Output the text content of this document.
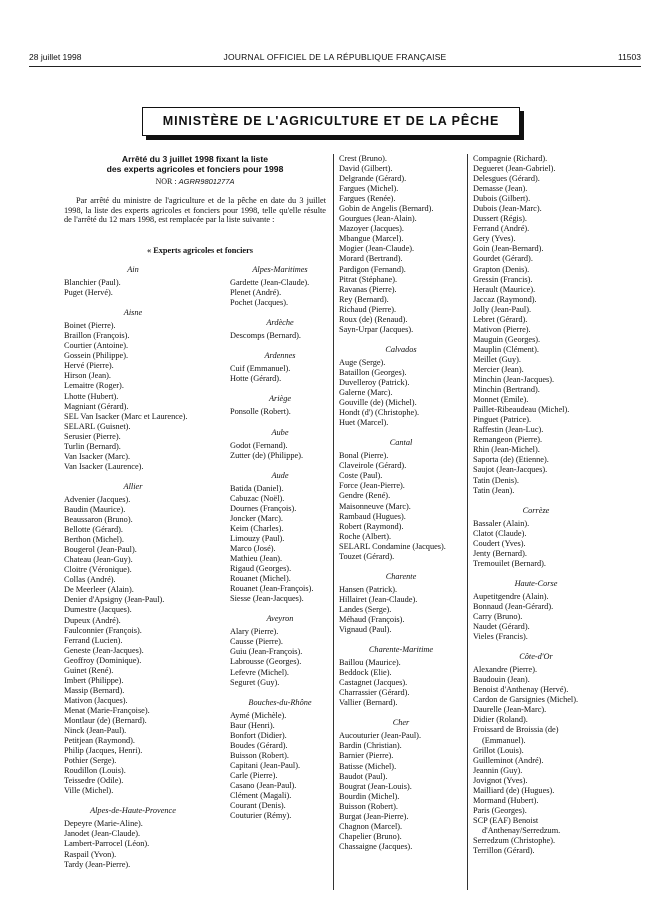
28 juillet 1998	JOURNAL OFFICIEL DE LA RÉPUBLIQUE FRANÇAISE	11503
MINISTÈRE DE L'AGRICULTURE ET DE LA PÊCHE
Arrêté du 3 juillet 1998 fixant la liste
des experts agricoles et fonciers pour 1998
NOR : AGRR9801277A
Par arrêté du ministre de l'agriculture et de la pêche en date du 3 juillet 1998, la liste des experts agricoles et fonciers pour 1998, telle qu'elle résulte de l'arrêté du 12 mars 1998, est remplacée par la liste suivante :
« Experts agricoles et fonciers
Ain
Blanchier (Paul).
Puget (Hervé).
Aisne
Boinet (Pierre).
Braillon (François).
Courtier (Antoine).
Gossein (Philippe).
Hervé (Pierre).
Hirson (Jean).
Lemaitre (Roger).
Lhotte (Hubert).
Magniant (Gérard).
SEL Van Isacker (Marc et Laurence).
SELARL (Guisnet).
Serusier (Pierre).
Turlin (Bernard).
Van Isacker (Marc).
Van Isacker (Laurence).
Allier
Advenier (Jacques).
Baudin (Maurice).
Beaussaron (Bruno).
Bellotte (Gérard).
Berthon (Michel).
Bougerol (Jean-Paul).
Chateau (Jean-Guy).
Cloitre (Véronique).
Collas (André).
De Meerleer (Alain).
Denier d'Apsigny (Jean-Paul).
Dumestre (Jacques).
Dupeux (André).
Faulconnier (François).
Ferrand (Lucien).
Geneste (Jean-Jacques).
Geoffroy (Dominique).
Guinet (René).
Imbert (Philippe).
Massip (Bernard).
Mativon (Jacques).
Menat (Marie-Françoise).
Montlaur (de) (Bernard).
Ninck (Jean-Paul).
Petitjean (Raymond).
Philip (Jacques, Henri).
Pothier (Serge).
Roudillon (Louis).
Teissedre (Odile).
Ville (Michel).
Alpes-de-Haute-Provence
Depeyre (Marie-Aline).
Janodet (Jean-Claude).
Lambert-Parrocel (Léon).
Raspail (Yvon).
Tardy (Jean-Pierre).
Alpes-Maritimes
Gardette (Jean-Claude).
Plenet (André).
Pochet (Jacques).
Ardèche
Descomps (Bernard).
Ardennes
Cuif (Emmanuel).
Hotte (Gérard).
Ariège
Ponsolle (Robert).
Aube
Godot (Fernand).
Zutter (de) (Philippe).
Aude
Batida (Daniel).
Cabuzac (Noël).
Dournes (François).
Joncker (Marc).
Keim (Charles).
Limouzy (Paul).
Marco (José).
Mathieu (Jean).
Rigaud (Georges).
Rouanet (Michel).
Rouanet (Jean-François).
Siesse (Jean-Jacques).
Aveyron
Alary (Pierre).
Causse (Pierre).
Guiu (Jean-François).
Labrousse (Georges).
Lefevre (Michel).
Seguret (Guy).
Bouches-du-Rhône
Aymé (Michèle).
Baur (Henri).
Bonfort (Didier).
Boudes (Gérard).
Buisson (Robert).
Capitani (Jean-Paul).
Carle (Pierre).
Casano (Jean-Paul).
Clément (Magali).
Courant (Denis).
Couturier (Rémy).
Crest (Bruno).
David (Gilbert).
Delgrande (Gérard).
Fargues (Michel).
Fargues (Renée).
Gobin de Angelis (Bernard).
Gourgues (Jean-Alain).
Mazoyer (Jacques).
Mbangue (Marcel).
Mogier (Jean-Claude).
Morard (Bertrand).
Pardigon (Fernand).
Pitrat (Stéphane).
Ravanas (Pierre).
Rey (Bernard).
Richaud (Pierre).
Roux (de) (Renaud).
Sayn-Urpar (Jacques).
Calvados
Auge (Serge).
Bataillon (Georges).
Duvelleroy (Patrick).
Galerne (Marc).
Gouville (de) (Michel).
Hondt (d') (Christophe).
Huet (Marcel).
Cantal
Bonal (Pierre).
Claveirole (Gérard).
Coste (Paul).
Force (Jean-Pierre).
Gendre (René).
Maisonneuve (Marc).
Rambaud (Hugues).
Robert (Raymond).
Roche (Albert).
SELARL Condamine (Jacques).
Touzet (Gérard).
Charente
Hansen (Patrick).
Hillairet (Jean-Claude).
Landes (Serge).
Méhaud (François).
Vignaud (Paul).
Charente-Maritime
Baillou (Maurice).
Beddock (Elie).
Castagnet (Jacques).
Charrassier (Gérard).
Vallier (Bernard).
Cher
Aucouturier (Jean-Paul).
Bardin (Christian).
Barnier (Pierre).
Batisse (Michel).
Baudot (Paul).
Bougrat (Jean-Louis).
Bourdin (Michel).
Buisson (Robert).
Burgat (Jean-Pierre).
Chagnon (Marcel).
Chapelier (Bruno).
Chassaigne (Jacques).
Compagnie (Richard).
Degueret (Jean-Gabriel).
Delesgues (Gérard).
Demasse (Jean).
Dubois (Gilbert).
Dubois (Jean-Marc).
Dussert (Régis).
Ferrand (André).
Gery (Yves).
Goin (Jean-Bernard).
Gourdet (Gérard).
Grapton (Denis).
Gressin (Francis).
Herault (Maurice).
Jaccaz (Raymond).
Jolly (Jean-Paul).
Lebret (Gérard).
Mativon (Pierre).
Mauguin (Georges).
Mauplin (Clément).
Meillet (Guy).
Mercier (Jean).
Minchin (Jean-Jacques).
Minchin (Bertrand).
Monnet (Emile).
Paillet-Ribeaudeau (Michel).
Pinguet (Patrice).
Raffestin (Jean-Luc).
Remangeon (Pierre).
Rhin (Jean-Michel).
Saporta (de) (Etienne).
Saujot (Jean-Jacques).
Tatin (Denis).
Tatin (Jean).
Corrèze
Bassaler (Alain).
Clatot (Claude).
Coudert (Yves).
Jenty (Bernard).
Tremouilet (Bernard).
Haute-Corse
Aupetitgendre (Alain).
Bonnaud (Jean-Gérard).
Carry (Bruno).
Naudet (Gérard).
Vieles (Francis).
Côte-d'Or
Alexandre (Pierre).
Baudouin (Jean).
Benoist d'Anthenay (Hervé).
Cardon de Garsignies (Michel).
Daurelle (Jean-Marc).
Didier (Roland).
Froissard de Broissia (de) (Emmanuel).
Grillot (Louis).
Guilleminot (André).
Jeannin (Guy).
Jovignot (Yves).
Mailliard (de) (Hugues).
Mormand (Hubert).
Paris (Georges).
SCP (EAF) Benoist d'Anthenay/Serredzum.
Serredzum (Christophe).
Terrillon (Gérard).
